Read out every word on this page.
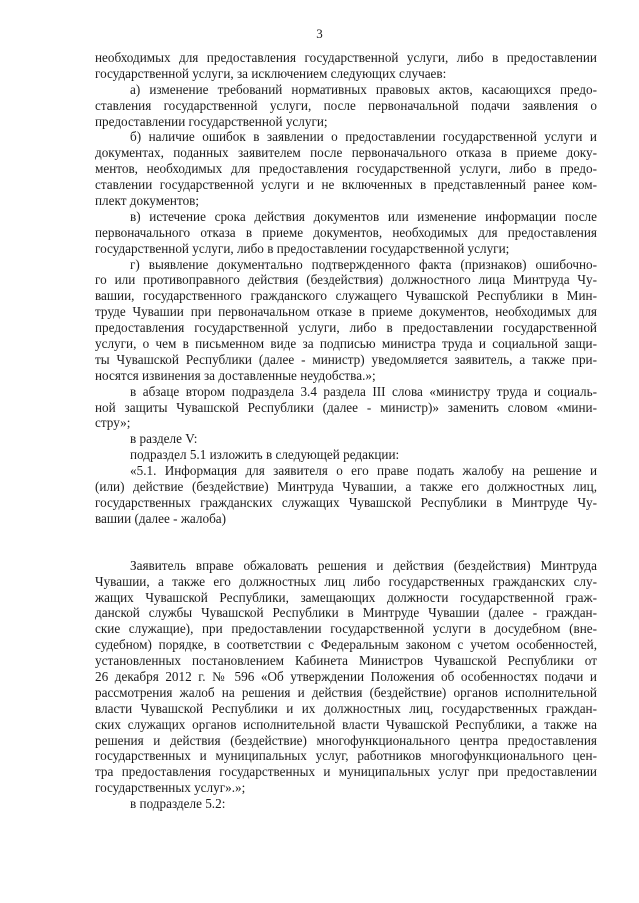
3
необходимых для предоставления государственной услуги, либо в предоставлении
государственной услуги, за исключением следующих случаев:
а) изменение требований нормативных правовых актов, касающихся предо-
ставления государственной услуги, после первоначальной подачи заявления о
предоставлении государственной услуги;
б) наличие ошибок в заявлении о предоставлении государственной услуги и
документах, поданных заявителем после первоначального отказа в приеме доку-
ментов, необходимых для предоставления государственной услуги, либо в предо-
ставлении государственной услуги и не включенных в представленный ранее ком-
плект документов;
в) истечение срока действия документов или изменение информации после
первоначального отказа в приеме документов, необходимых для предоставления
государственной услуги, либо в предоставлении государственной услуги;
г) выявление документально подтвержденного факта (признаков) ошибочно-
го или противоправного действия (бездействия) должностного лица Минтруда Чу-
вашии, государственного гражданского служащего Чувашской Республики в Мин-
труде Чувашии при первоначальном отказе в приеме документов, необходимых для
предоставления государственной услуги, либо в предоставлении государственной
услуги, о чем в письменном виде за подписью министра труда и социальной защи-
ты Чувашской Республики (далее - министр) уведомляется заявитель, а также при-
носятся извинения за доставленные неудобства.»;
в абзаце втором подраздела 3.4 раздела III слова «министру труда и социаль-
ной защиты Чувашской Республики (далее - министр)» заменить словом «мини-
стру»;
в разделе V:
подраздел 5.1 изложить в следующей редакции:
«5.1. Информация для заявителя о его праве подать жалобу на решение и
(или) действие (бездействие) Минтруда Чувашии, а также его должностных лиц,
государственных гражданских служащих Чувашской Республики в Минтруде Чу-
вашии (далее - жалоба)
Заявитель вправе обжаловать решения и действия (бездействия) Минтруда
Чувашии, а также его должностных лиц либо государственных гражданских слу-
жащих Чувашской Республики, замещающих должности государственной граж-
данской службы Чувашской Республики в Минтруде Чувашии (далее - граждан-
ские служащие), при предоставлении государственной услуги в досудебном (вне-
судебном) порядке, в соответствии с Федеральным законом с учетом особенностей,
установленных постановлением Кабинета Министров Чувашской Республики от
26 декабря 2012 г. № 596 «Об утверждении Положения об особенностях подачи и
рассмотрения жалоб на решения и действия (бездействие) органов исполнительной
власти Чувашской Республики и их должностных лиц, государственных граждан-
ских служащих органов исполнительной власти Чувашской Республики, а также на
решения и действия (бездействие) многофункционального центра предоставления
государственных и муниципальных услуг, работников многофункционального цен-
тра предоставления государственных и муниципальных услуг при предоставлении
государственных услуг».»;
в подразделе 5.2:
